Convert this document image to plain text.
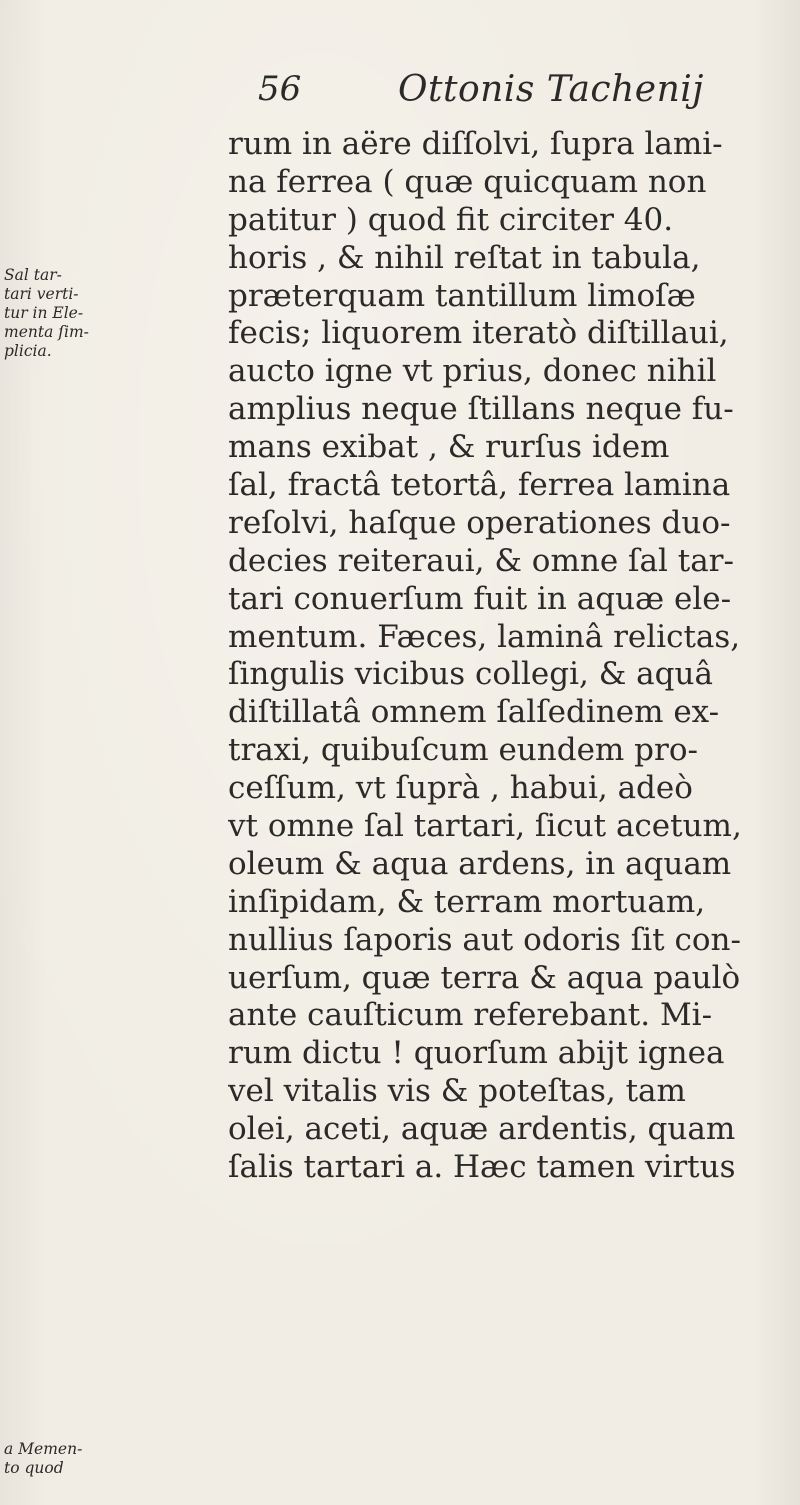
56	Ottonis Tachenij
Sal tar-
tari verti-
tur in Ele-
menta ſim-
plicia.
rum in aëre diſſolvi, ſupra lami-
na ferrea ( quæ quicquam non
patitur ) quod fit circiter 40.
horis , & nihil reſtat in tabula,
præterquam tantillum limoſæ
fecis; liquorem iteratò diſtillaui,
aucto igne vt prius, donec nihil
amplius neque ſtillans neque fu-
mans exibat , & rurſus idem
ſal, fractâ tetortâ, ferrea lamina
reſolvi, haſque operationes duo-
decies reiteraui, & omne ſal tar-
tari conuerſum fuit in aquæ ele-
mentum. Fæces, laminâ relictas,
ſingulis vicibus collegi, & aquâ
diſtillatâ omnem ſalſedinem ex-
traxi, quibuſcum eundem pro-
ceſſum, vt ſuprà , habui, adeò
vt omne ſal tartari, ſicut acetum,
oleum & aqua ardens, in aquam
inſipidam, & terram mortuam,
nullius ſaporis aut odoris ſit con-
uerſum, quæ terra & aqua paulò
ante cauſticum referebant. Mi-
rum dictu ! quorſum abijt ignea
vel vitalis vis & poteſtas, tam
olei, aceti, aquæ ardentis, quam
ſalis tartari a. Hæc tamen virtus
a Memen-
to quod
